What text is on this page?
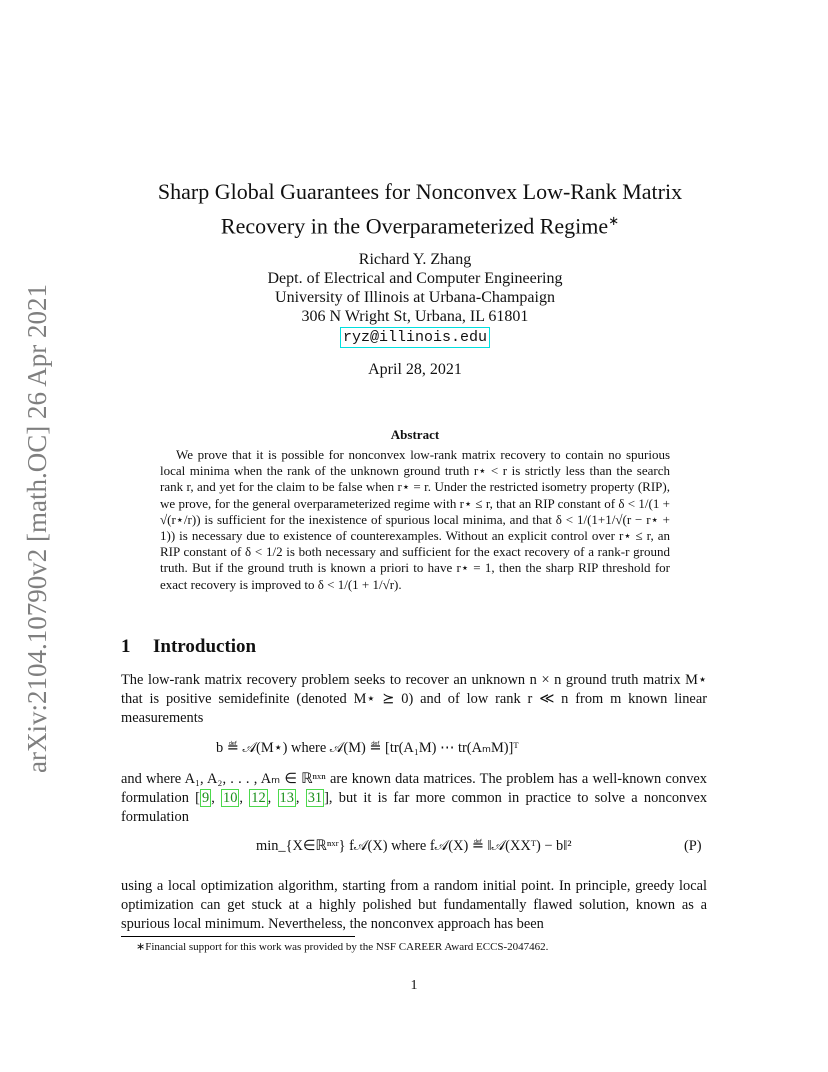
arXiv:2104.10790v2 [math.OC] 26 Apr 2021
Sharp Global Guarantees for Nonconvex Low-Rank Matrix
Recovery in the Overparameterized Regime∗
Richard Y. Zhang
Dept. of Electrical and Computer Engineering
University of Illinois at Urbana-Champaign
306 N Wright St, Urbana, IL 61801
ryz@illinois.edu
April 28, 2021
Abstract
We prove that it is possible for nonconvex low-rank matrix recovery to contain no spurious local minima when the rank of the unknown ground truth r⋆ < r is strictly less than the search rank r, and yet for the claim to be false when r⋆ = r. Under the restricted isometry property (RIP), we prove, for the general overparameterized regime with r⋆ ≤ r, that an RIP constant of δ < 1/(1 + √(r⋆/r)) is sufficient for the inexistence of spurious local minima, and that δ < 1/(1+1/√(r − r⋆ + 1)) is necessary due to existence of counterexamples. Without an explicit control over r⋆ ≤ r, an RIP constant of δ < 1/2 is both necessary and sufficient for the exact recovery of a rank-r ground truth. But if the ground truth is known a priori to have r⋆ = 1, then the sharp RIP threshold for exact recovery is improved to δ < 1/(1 + 1/√r).
1 Introduction
The low-rank matrix recovery problem seeks to recover an unknown n × n ground truth matrix M⋆ that is positive semidefinite (denoted M⋆ ⪰ 0) and of low rank r ≪ n from m known linear measurements
b ≝ 𝒜(M⋆) where 𝒜(M) ≝ [tr(A₁M) ⋯ tr(AₘM)]ᵀ
and where A₁, A₂, . . . , Aₘ ∈ ℝⁿˣⁿ are known data matrices. The problem has a well-known convex formulation [ 9 , 10 , 12 , 13 , 31 ], but it is far more common in practice to solve a nonconvex formulation
min_{X∈ℝⁿˣʳ} f𝒜(X) where f𝒜(X) ≝ ‖𝒜(XXᵀ) − b‖²	(P)
using a local optimization algorithm, starting from a random initial point. In principle, greedy local optimization can get stuck at a highly polished but fundamentally flawed solution, known as a spurious local minimum. Nevertheless, the nonconvex approach has been
∗Financial support for this work was provided by the NSF CAREER Award ECCS-2047462.
1
